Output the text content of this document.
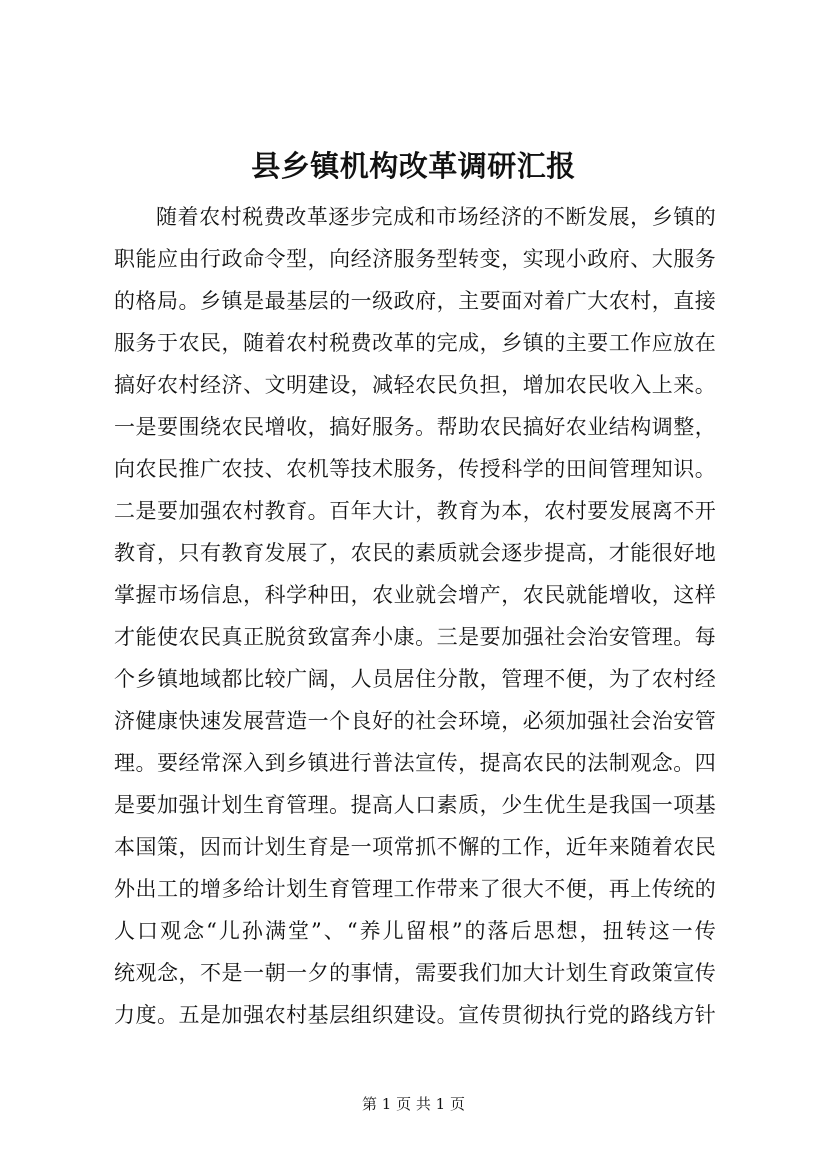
县乡镇机构改革调研汇报
随着农村税费改革逐步完成和市场经济的不断发展，乡镇的
职能应由行政命令型，向经济服务型转变，实现小政府、大服务
的格局。乡镇是最基层的一级政府，主要面对着广大农村，直接
服务于农民，随着农村税费改革的完成，乡镇的主要工作应放在
搞好农村经济、文明建设，减轻农民负担，增加农民收入上来。
一是要围绕农民增收，搞好服务。帮助农民搞好农业结构调整，
向农民推广农技、农机等技术服务，传授科学的田间管理知识。
二是要加强农村教育。百年大计，教育为本，农村要发展离不开
教育，只有教育发展了，农民的素质就会逐步提高，才能很好地
掌握市场信息，科学种田，农业就会增产，农民就能增收，这样
才能使农民真正脱贫致富奔小康。三是要加强社会治安管理。每
个乡镇地域都比较广阔，人员居住分散，管理不便，为了农村经
济健康快速发展营造一个良好的社会环境，必须加强社会治安管
理。要经常深入到乡镇进行普法宣传，提高农民的法制观念。四
是要加强计划生育管理。提高人口素质，少生优生是我国一项基
本国策，因而计划生育是一项常抓不懈的工作，近年来随着农民
外出工的增多给计划生育管理工作带来了很大不便，再上传统的
人口观念“儿孙满堂”、“养儿留根”的落后思想，扭转这一传
统观念，不是一朝一夕的事情，需要我们加大计划生育政策宣传
力度。五是加强农村基层组织建设。宣传贯彻执行党的路线方针
第 1 页 共 1 页
